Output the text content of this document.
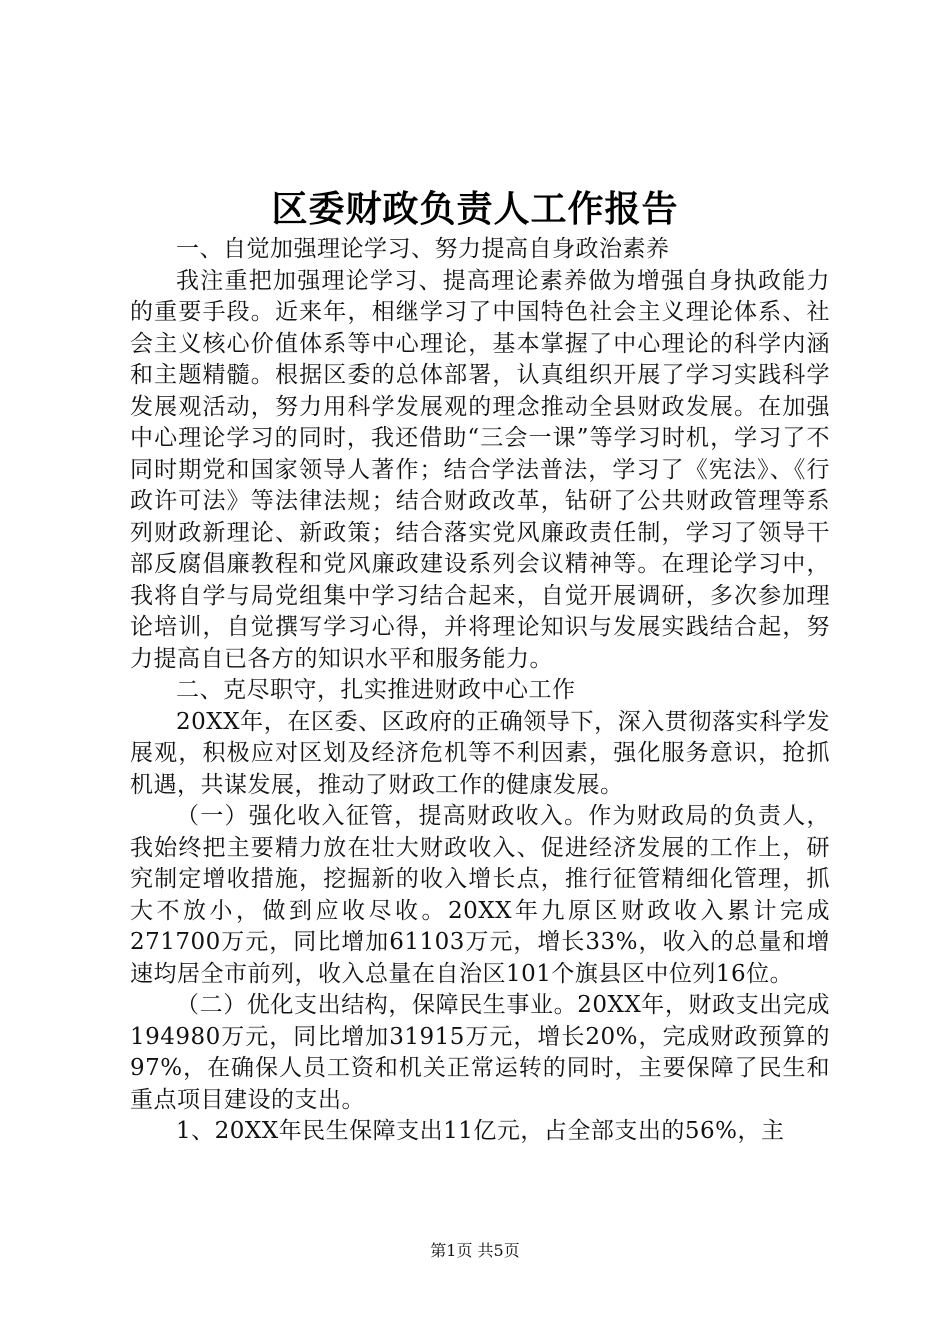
区委财政负责人工作报告

一、自觉加强理论学习、努力提高自身政治素养

我注重把加强理论学习、提高理论素养做为增强自身执政能力的重要手段。近来年，相继学习了中国特色社会主义理论体系、社会主义核心价值体系等中心理论，基本掌握了中心理论的科学内涵和主题精髓。根据区委的总体部署，认真组织开展了学习实践科学发展观活动，努力用科学发展观的理念推动全县财政发展。在加强中心理论学习的同时，我还借助“三会一课”等学习时机，学习了不同时期党和国家领导人著作；结合学法普法，学习了《宪法》、《行政许可法》等法律法规；结合财政改革，钻研了公共财政管理等系列财政新理论、新政策；结合落实党风廉政责任制，学习了领导干部反腐倡廉教程和党风廉政建设系列会议精神等。在理论学习中，我将自学与局党组集中学习结合起来，自觉开展调研，多次参加理论培训，自觉撰写学习心得，并将理论知识与发展实践结合起，努力提高自已各方的知识水平和服务能力。

二、克尽职守，扎实推进财政中心工作

20XX年，在区委、区政府的正确领导下，深入贯彻落实科学发展观，积极应对区划及经济危机等不利因素，强化服务意识，抢抓机遇，共谋发展，推动了财政工作的健康发展。

（一）强化收入征管，提高财政收入。作为财政局的负责人，我始终把主要精力放在壮大财政收入、促进经济发展的工作上，研究制定增收措施，挖掘新的收入增长点，推行征管精细化管理，抓大不放小，做到应收尽收。20XX年九原区财政收入累计完成271700万元，同比增加61103万元，增长33%，收入的总量和增速均居全市前列，收入总量在自治区101个旗县区中位列16位。

（二）优化支出结构，保障民生事业。20XX年，财政支出完成194980万元，同比增加31915万元，增长20%，完成财政预算的97%，在确保人员工资和机关正常运转的同时，主要保障了民生和重点项目建设的支出。

1、20XX年民生保障支出11亿元，占全部支出的56%，主

第1页 共5页
